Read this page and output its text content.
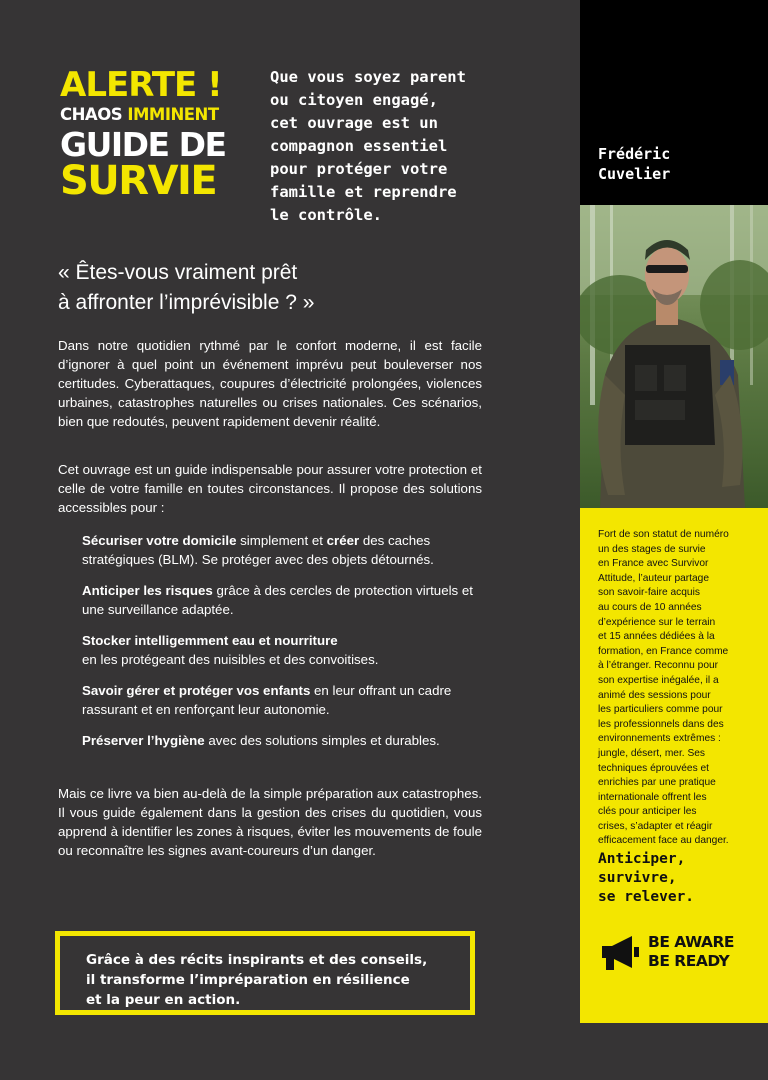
ALERTE !
CHAOS IMMINENT
GUIDE DE
SURVIE
Que vous soyez parent
ou citoyen engagé,
cet ouvrage est un
compagnon essentiel
pour protéger votre
famille et reprendre
le contrôle.
« Êtes-vous vraiment prêt
à affronter l’imprévisible ? »
Dans notre quotidien rythmé par le confort moderne, il est facile d’ignorer à quel point un événement imprévu peut bouleverser nos certitudes. Cyberattaques, coupures d’électricité prolongées, violences urbaines, catastrophes naturelles ou crises nationales. Ces scénarios, bien que redoutés, peuvent rapidement devenir réalité.
Cet ouvrage est un guide indispensable pour assurer votre protection et celle de votre famille en toutes circonstances. Il propose des solutions accessibles pour :
Sécuriser votre domicile simplement et créer des caches stratégiques (BLM). Se protéger avec des objets détournés.
Anticiper les risques grâce à des cercles de protection virtuels et une surveillance adaptée.
Stocker intelligemment eau et nourriture
en les protégeant des nuisibles et des convoitises.
Savoir gérer et protéger vos enfants en leur offrant un cadre rassurant et en renforçant leur autonomie.
Préserver l’hygiène avec des solutions simples et durables.
Mais ce livre va bien au-delà de la simple préparation aux catastrophes. Il vous guide également dans la gestion des crises du quotidien, vous apprend à identifier les zones à risques, éviter les mouvements de foule ou reconnaître les signes avant-coureurs d’un danger.
Grâce à des récits inspirants et des conseils,
il transforme l’impréparation en résilience
et la peur en action.
Frédéric
Cuvelier
Fort de son statut de numéro
un des stages de survie
en France avec Survivor
Attitude, l’auteur partage
son savoir-faire acquis
au cours de 10 années
d’expérience sur le terrain
et 15 années dédiées à la
formation, en France comme
à l’étranger. Reconnu pour
son expertise inégalée, il a
animé des sessions pour
les particuliers comme pour
les professionnels dans des
environnements extrêmes :
jungle, désert, mer. Ses
techniques éprouvées et
enrichies par une pratique
internationale offrent les
clés pour anticiper les
crises, s’adapter et réagir
efficacement face au danger.
Anticiper,
survivre,
se relever.
BE AWARE
BE READY
